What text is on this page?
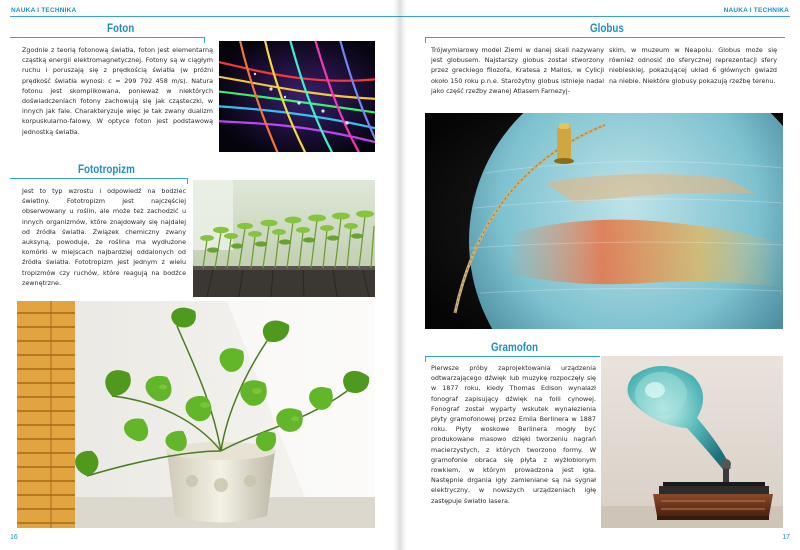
NAUKA I TECHNIKA
Foton
Zgodnie z teorią fotonową światła, foton jest elementarną cząstką energii elektromagnetycznej. Fotony są w ciągłym ruchu i poruszają się z prędkością światła (w próżni prędkość światła wynosi: c = 299 792 458 m/s). Natura fotonu jest skomplikowana, ponieważ w niektórych doświadczeniach fotony zachowują się jak cząsteczki, w innych jak fale. Charakteryzuje więc je tak zwany dualizm korpuskularno-falowy. W optyce foton jest podstawową jednostką światła.
Fototropizm
Jest to typ wzrostu i odpowiedź na bodziec świetlny. Fototropizm jest najczęściej obserwowany u roślin, ale może też zachodzić u innych organizmów, które znajdowały się najdalej od źródła światła. Związek chemiczny zwany auksyną, powoduje, że roślina ma wydłużone komórki w miejscach najbardziej oddalonych od źródła światła. Fototropizm jest jednym z wielu tropizmów czy ruchów, które reagują na bodźce zewnętrzne.
16
NAUKA I TECHNIKA
Globus
Trójwymiarowy model Ziemi w danej skali nazywany jest globusem. Najstarszy globus został stworzony przez greckiego filozofa, Kratesa z Mallos, w Cylicji około 150 roku p.n.e. Starożytny globus istnieje nadal jako część rzeźby zwanej Atlasem Farnezyj-
skim, w muzeum w Neapolu. Globus może się również odnosić do sferycznej reprezentacji sfery niebieskiej, pokazującej układ 6 głównych gwiazd na niebie. Niektóre globusy pokazują rzeźbę terenu.
Gramofon
Pierwsze próby zaprojektowania urządzenia odtwarzającego dźwięk lub muzykę rozpoczęły się w 1877 roku, kiedy Thomas Edison wynalazł fonograf zapisujący dźwięk na folii cynowej. Fonograf został wyparty wskutek wynalezienia płyty gramofonowej przez Emila Berlinera w 1887 roku. Płyty woskowe Berlinera mogły być produkowane masowo dzięki tworzeniu nagrań macierzystych, z których tworzono formy. W gramofonie obraca się płyta z wyżłobionym rowkiem, w którym prowadzona jest igła. Następnie drgania igły zamieniane są na sygnał elektryczny, w nowszych urządzeniach igłę zastępuje światło lasera.
17
